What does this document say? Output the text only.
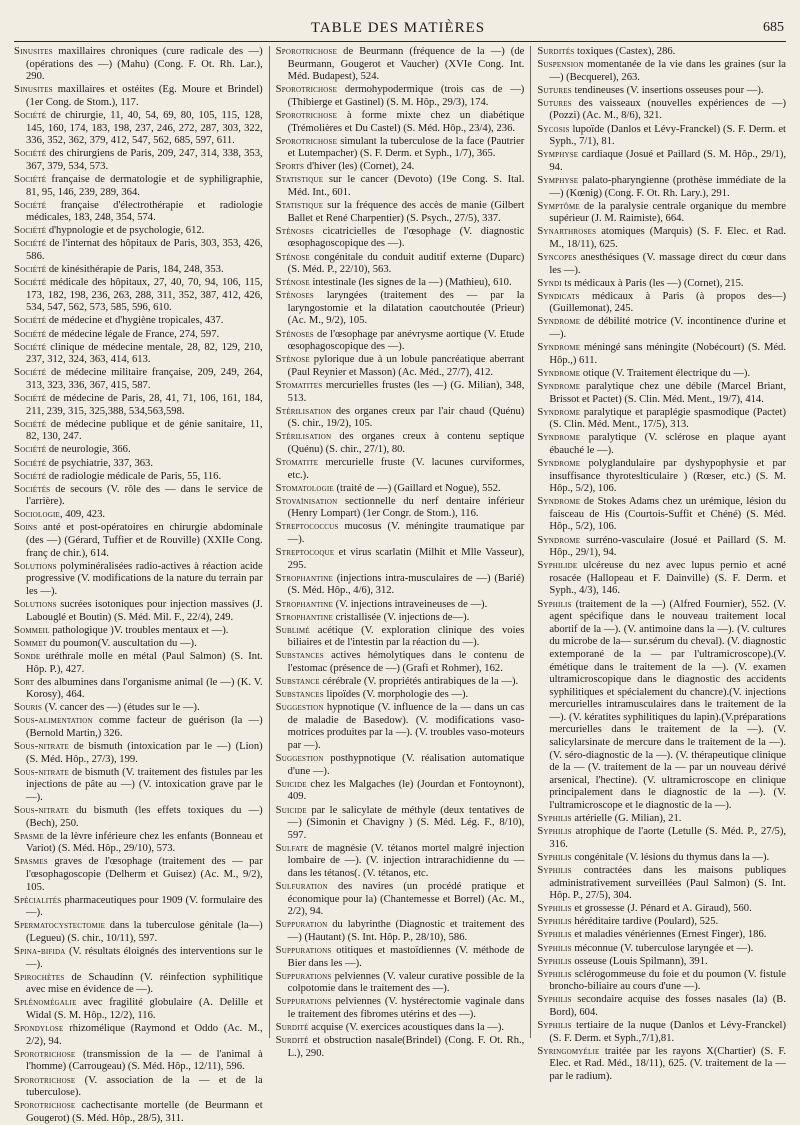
TABLE DES MATIÈRES	685

Sinusites maxillaires chroniques (cure radicale des —) (opérations des —) (Mahu) (Cong. F. Ot. Rh. Lar.), 290.

Sinusites maxillaires et ostéites (Eg. Moure et Brindel) (1er Cong. de Stom.), 117.

Société de chirurgie, 11, 40, 54, 69, 80, 105, 115, 128, 145, 160, 174, 183, 198, 237, 246, 272, 287, 303, 322, 336, 352, 362, 379, 412, 547, 562, 685, 597, 611.

Société des chirurgiens de Paris, 209, 247, 314, 338, 353, 367, 379, 534, 573.

Société française de dermatologie et de syphiligraphie, 81, 95, 146, 239, 289, 364.

Société française d'électrothérapie et radiologie médicales, 183, 248, 354, 574.

Société d'hypnologie et de psychologie, 612.

Société de l'internat des hôpitaux de Paris, 303, 353, 426, 586.

Société de kinésithérapie de Paris, 184, 248, 353.

Société médicale des hôpitaux, 27, 40, 70, 94, 106, 115, 173, 182, 198, 236, 263, 288, 311, 352, 387, 412, 426, 534, 547, 562, 573, 585, 596, 610.

Société de médecine et d'hygiène tropicales, 437.

Société de médecine légale de France, 274, 597.

Société clinique de médecine mentale, 28, 82, 129, 210, 237, 312, 324, 363, 414, 613.

Société de médecine militaire française, 209, 249, 264, 313, 323, 336, 367, 415, 587.

Société de médecine de Paris, 28, 41, 71, 106, 161, 184, 211, 239, 315, 325,388, 534,563,598.

Société de médecine publique et de génie sanitaire, 11, 82, 130, 247.

Société de neurologie, 366.

Société de psychiatrie, 337, 363.

Société de radiologie médicale de Paris, 55, 116.

Sociétés de secours (V. rôle des — dans le service de l'arrière).

Sociologie, 409, 423.

Soins anté et post-opératoires en chirurgie abdominale (des —) (Gérard, Tuffier et de Rouville) (XXIIe Cong. franç de chir.), 614.

Solutions polyminéralisées radio-actives à réaction acide progressive (V. modifications de la nature du terrain par les —).

Solutions sucrées isotoniques pour injection massives (J. Labouglé et Boutin) (S. Méd. Mil. F., 22/4), 249.

Sommeil pathologique )V. troubles mentaux et —).

Sommet du poumon(V. auscultation du —).

Sonde uréthrale molle en métal (Paul Salmon) (S. Int. Hôp. P.), 427.

Sort des albumines dans l'organisme animal (le —) (K. V. Korosy), 464.

Souris (V. cancer des —) (études sur le —).

Sous-alimentation comme facteur de guérison (la —) (Bernold Martin,) 326.

Sous-nitrate de bismuth (intoxication par le —) (Lion) (S. Méd. Hôp., 27/3), 199.

Sous-nitrate de bismuth (V. traitement des fistules par les injections de pâte au —) (V. intoxication grave par le —).

Sous-nitrate du bismuth (les effets toxiques du —) (Bech), 250.

Spasme de la lèvre inférieure chez les enfants (Bonneau et Variot) (S. Méd. Hôp., 29/10), 573.

Spasmes graves de l'œsophage (traitement des — par l'œsophagoscopie (Delherm et Guisez) (Ac. M., 9/2), 105.

Spécialités pharmaceutiques pour 1909 (V. formulaire des —).

Spermatocystectomie dans la tuberculose génitale (la—) (Legueu) (S. chir., 10/11), 597.

Spina-bifida (V. résultats éloignés des interventions sur le —).

Spirochètes de Schaudinn (V. réinfection syphilitique avec mise en évidence de —).

Splénomégalie avec fragilité globulaire (A. Delille et Widal (S. M. Hôp., 12/2), 116.

Spondylose rhizomélique (Raymond et Oddo (Ac. M., 2/2), 94.

Sporotrichose (transmission de la — de l'animal à l'homme) (Carrougeau) (S. Méd. Hôp., 12/11), 596.

Sporotrichose (V. association de la — et de la tuberculose).

Sporotrichose cachectisante mortelle (de Beurmann et Gougerot) (S. Méd. Hôp., 28/5), 311.

Sporotrichose de Beurmann (fréquence de la —) (de Beurmann, Gougerot et Vaucher) (XVIe Cong. Int. Méd. Budapest), 524.

Sporotrichose dermohypodermique (trois cas de —) (Thibierge et Gastinel) (S. M. Hôp., 29/3), 174.

Sporotrichose à forme mixte chez un diabétique (Trémolières et Du Castel) (S. Méd. Hôp., 23/4), 236.

Sporotrichose simulant la tuberculose de la face (Pautrier et Lutempacher) (S. F. Derm. et Syph., 1/7), 365.

Sports d'hiver (les) (Cornet), 24.

Statistique sur le cancer (Devoto) (19e Cong. S. Ital. Méd. Int., 601.

Statistique sur la fréquence des accès de manie (Gilbert Ballet et René Charpentier) (S. Psych., 27/5), 337.

Sténoses cicatricielles de l'œsophage (V. diagnostic œsophagoscopique des —).

Sténose congénitale du conduit auditif externe (Duparc) (S. Méd. P., 22/10), 563.

Sténose intestinale (les signes de la —) (Mathieu), 610.

Sténoses laryngées (traitement des — par la laryngostomie et la dilatation caoutchoutée (Prieur) (Ac. M., 9/2), 105.

Sténoses de l'œsophage par anévrysme aortique (V. Etude œsophagoscopique des —).

Sténose pylorique due à un lobule pancréatique aberrant (Paul Reynier et Masson) (Ac. Méd., 27/7), 412.

Stomatites mercurielles frustes (les —) (G. Milian), 348, 513.

Stérilisation des organes creux par l'air chaud (Quénu) (S. chir., 19/2), 105.

Stérilisation des organes creux à contenu septique (Quénu) (S. chir., 27/1), 80.

Stomatite mercurielle fruste (V. lacunes curviformes, etc.).

Stomatologie (traité de —) (Gaillard et Nogue), 552.

Stovaïnisation sectionnelle du nerf dentaire inférieur (Henry Lompart) (1er Congr. de Stom.), 116.

Streptococcus mucosus (V. méningite traumatique par —).

Streptocoque et virus scarlatin (Milhit et Mlle Vasseur), 295.

Strophantine (injections intra-musculaires de —) (Barié) (S. Méd. Hôp., 4/6), 312.

Strophantine (V. injections intraveineuses de —).

Strophantine cristallisée (V. injections de—).

Sublimé acétique (V. exploration clinique des voies biliaires et de l'intestin par la réaction du —).

Substances actives hémolytiques dans le contenu de l'estomac (présence de —) (Grafi et Rohmer), 162.

Substance cérébrale (V. propriétés antirabiques de la —).

Substances lipoïdes (V. morphologie des —).

Suggestion hypnotique (V. influence de la — dans un cas de maladie de Basedow). (V. modifications vaso-motrices produites par la —). (V. troubles vaso-moteurs par —).

Suggestion posthypnotique (V. réalisation automatique d'une —).

Suicide chez les Malgaches (le) (Jourdan et Fontoynont), 409.

Suicide par le salicylate de méthyle (deux tentatives de —) (Simonin et Chavigny ) (S. Méd. Lég. F., 8/10), 597.

Sulfate de magnésie (V. tétanos mortel malgré injection lombaire de —). (V. injection intrarachidienne du — dans les tétanos(. (V. tétanos, etc.

Sulfuration des navires (un procédé pratique et économique pour la) (Chantemesse et Borrel) (Ac. M., 2/2), 94.

Suppuration du labyrinthe (Diagnostic et traitement des —) (Hautant) (S. Int. Hôp. P., 28/10), 586.

Suppurations otitiques et mastoïdiennes (V. méthode de Bier dans les —).

Suppurations pelviennes (V. valeur curative possible de la colpotomie dans le traitement des —).

Suppurations pelviennes (V. hystérectomie vaginale dans le traitement des fibromes utérins et des —).

Surdité acquise (V. exercices acoustiques dans la —).

Surdité et obstruction nasale(Brindel) (Cong. F. Ot. Rh., L.), 290.

Surdités toxiques (Castex), 286.

Suspension momentanée de la vie dans les graines (sur la —) (Becquerel), 263.

Sutures tendineuses (V. insertions osseuses pour —).

Sutures des vaisseaux (nouvelles expériences de —) (Pozzi) (Ac. M., 8/6), 321.

Sycosis lupoïde (Danlos et Lévy-Franckel) (S. F. Derm. et Syph., 7/1), 81.

Symphyse cardiaque (Josué et Paillard (S. M. Hôp., 29/1), 94.

Symphyse palato-pharyngienne (prothèse immédiate de la —) (Kœnig) (Cong. F. Ot. Rh. Lary.), 291.

Symptôme de la paralysie centrale organique du membre supérieur (J. M. Raimiste), 664.

Synarthroses atomiques (Marquis) (S. F. Elec. et Rad. M., 18/11), 625.

Syncopes anesthésiques (V. massage direct du cœur dans les —).

Syndi ts médicaux à Paris (les —) (Cornet), 215.

Syndicats médicaux à Paris (à propos des—) (Guillemonat), 245.

Syndrome de débilité motrice (V. incontinence d'urine et —).

Syndrome méningé sans méningite (Nobécourt) (S. Méd. Hôp.,) 611.

Syndrome otique (V. Traitement électrique du —).

Syndrome paralytique chez une débile (Marcel Briant, Brissot et Pactet) (S. Clin. Méd. Ment., 19/7), 414.

Syndrome paralytique et paraplégie spasmodique (Pactet) (S. Clin. Méd. Ment., 17/5), 313.

Syndrome paralytique (V. sclérose en plaque ayant ébauché le —).

Syndrome polyglandulaire par dyshypophysie et par insuffisance thyroteslticulaire ) (Rœser, etc.) (S. M. Hôp., 5/2), 106.

Syndrome de Stokes Adams chez un urémique, lésion du faisceau de His (Courtois-Suffit et Chéné) (S. Méd. Hôp., 5/2), 106.

Syndrome surréno-vasculaire (Josué et Paillard (S. M. Hôp., 29/1), 94.

Syphilide ulcéreuse du nez avec lupus pernio et acné rosacée (Hallopeau et F. Dainville) (S. F. Derm. et Syph., 4/3), 146.

Syphilis (traitement de la —) (Alfred Fournier), 552. (V. agent spécifique dans le nouveau traitement local abortif de la —). (V. antimoine dans la —). (V. cultures du microbe de la— sur.sérum du cheval). (V. diagnostic extemporané de la — par l'ultramicroscope).(V. émétique dans le traitement de la —). (V. examen ultramicroscopique dans le diagnostic des accidents syphilitiques et spécialement du chancre).(V. injections mercurielles intramusculaires dans le traitement de la —). (V. kératites syphilitiques du lapin).(V.préparations mercurielles dans le traitement de la —). (V. salicylarsinate de mercure dans le traitement de la —). (V. séro-diagnostic de la —). (V. thérapeutique clinique de la — (V. traitement de la — par un nouveau dérivé arsenical, l'hectine). (V. ultramicroscope en clinique principalement dans le diagnostic de la —). (V. l'ultramicroscope et le diagnostic de la —).

Syphilis artérielle (G. Milian), 21.

Syphilis atrophique de l'aorte (Letulle (S. Méd. P., 27/5), 316.

Syphilis congénitale (V. lésions du thymus dans la —).

Syphilis contractées dans les maisons publiques administrativement surveillées (Paul Salmon) (S. Int. Hôp. P., 27/5), 304.

Syphilis et grossesse (J. Pénard et A. Giraud), 560.

Syphilis héréditaire tardive (Poulard), 525.

Syphilis et maladies vénériennes (Ernest Finger), 186.

Syphilis méconnue (V. tuberculose laryngée et —).

Syphilis osseuse (Louis Spilmann), 391.

Syphilis sclérogommeuse du foie et du poumon (V. fistule broncho-biliaire au cours d'une —).

Syphilis secondaire acquise des fosses nasales (la) (B. Bord), 604.

Syphilis tertiaire de la nuque (Danlos et Lévy-Franckel) (S. F. Derm. et Syph.,7/1),81.

Syringomyélie traitée par les rayons X(Chartier) (S. F. Elec. et Rad. Méd., 18/11), 625. (V. traitement de la — par le radium).
